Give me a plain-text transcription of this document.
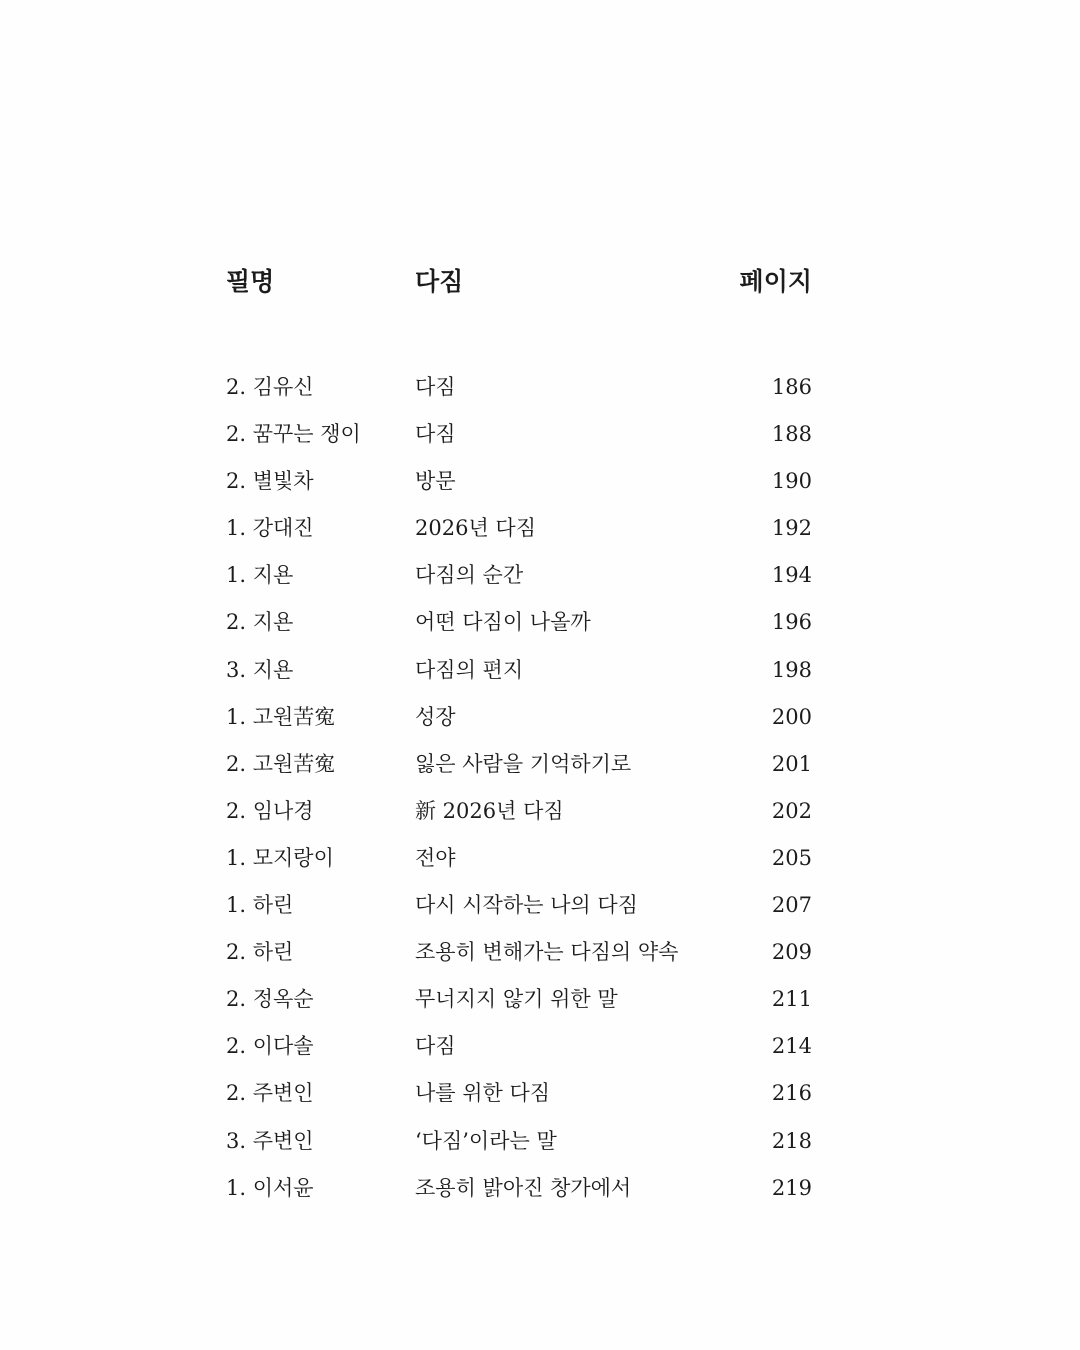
필명	다짐	페이지
2. 김유신	다짐	186
2. 꿈꾸는 쟁이	다짐	188
2. 별빛차	방문	190
1. 강대진	2026년 다짐	192
1. 지욘	다짐의 순간	194
2. 지욘	어떤 다짐이 나올까	196
3. 지욘	다짐의 편지	198
1. 고원苦寃	성장	200
2. 고원苦寃	잃은 사람을 기억하기로	201
2. 임나경	新 2026년 다짐	202
1. 모지랑이	전야	205
1. 하린	다시 시작하는 나의 다짐	207
2. 하린	조용히 변해가는 다짐의 약속	209
2. 정옥순	무너지지 않기 위한 말	211
2. 이다솔	다짐	214
2. 주변인	나를 위한 다짐	216
3. 주변인	‘다짐’이라는 말	218
1. 이서윤	조용히 밝아진 창가에서	219
